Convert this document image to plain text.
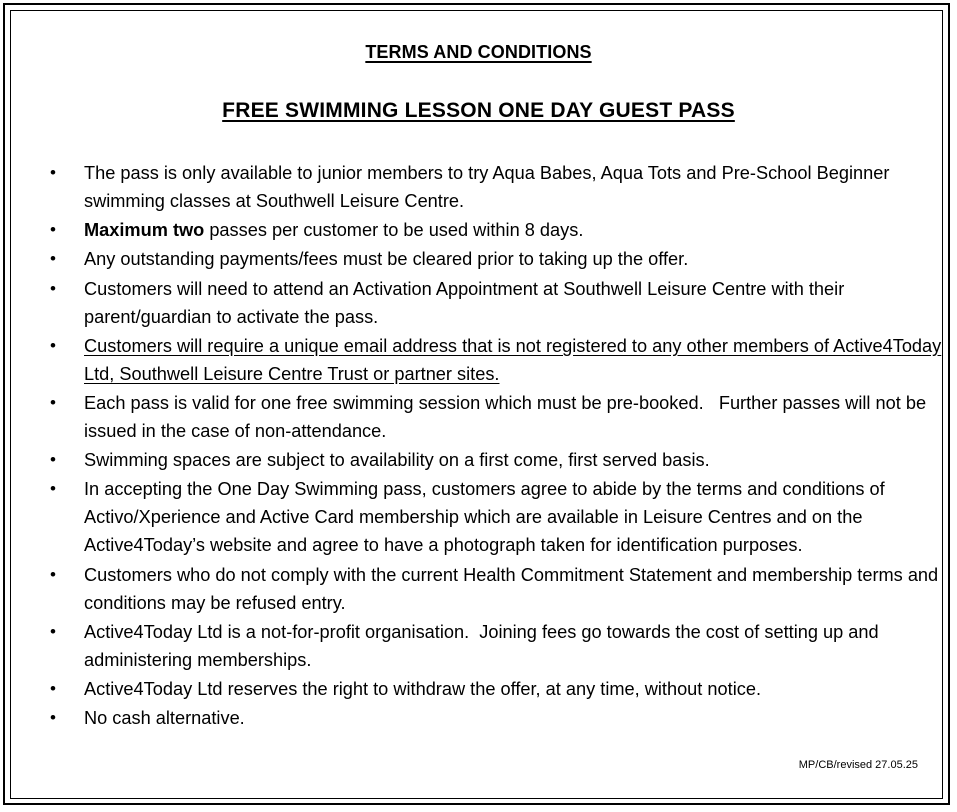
TERMS AND CONDITIONS
FREE SWIMMING LESSON ONE DAY GUEST PASS
• The pass is only available to junior members to try Aqua Babes, Aqua Tots and Pre-School Beginner swimming classes at Southwell Leisure Centre.
• Maximum two passes per customer to be used within 8 days.
• Any outstanding payments/fees must be cleared prior to taking up the offer.
• Customers will need to attend an Activation Appointment at Southwell Leisure Centre with their parent/guardian to activate the pass.
• Customers will require a unique email address that is not registered to any other members of Active4Today Ltd, Southwell Leisure Centre Trust or partner sites.
• Each pass is valid for one free swimming session which must be pre-booked.   Further passes will not be issued in the case of non-attendance.
• Swimming spaces are subject to availability on a first come, first served basis.
• In accepting the One Day Swimming pass, customers agree to abide by the terms and conditions of Activo/Xperience and Active Card membership which are available in Leisure Centres and on the Active4Today’s website and agree to have a photograph taken for identification purposes.
• Customers who do not comply with the current Health Commitment Statement and membership terms and conditions may be refused entry.
• Active4Today Ltd is a not-for-profit organisation.  Joining fees go towards the cost of setting up and administering memberships.
• Active4Today Ltd reserves the right to withdraw the offer, at any time, without notice.
• No cash alternative.
MP/CB/revised 27.05.25
